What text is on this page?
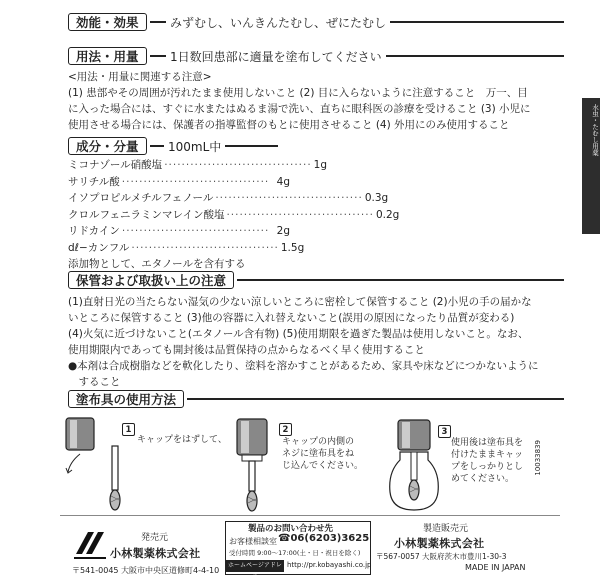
効能・効果	みずむし、いんきんたむし、ぜにたむし
用法・用量	1日数回患部に適量を塗布してください
<用法・用量に関連する注意>
(1) 患部やその周囲が汚れたまま使用しないこと (2) 目に入らないように注意すること　万一、目
に入った場合には、すぐに水またはぬるま湯で洗い、直ちに眼科医の診療を受けること (3) 小児に
使用させる場合には、保護者の指導監督のもとに使用させること (4) 外用にのみ使用すること
成分・分量	100mL中
ミコナゾール硝酸塩 ·································· 1g
サリチル酸 ·································· 4g
イソプロピルメチルフェノール ·································· 0.3g
クロルフェニラミンマレイン酸塩 ·································· 0.2g
リドカイン ·································· 2g
dℓ−カンフル ·································· 1.5g
添加物として、エタノールを含有する
保管および取扱い上の注意
(1)直射日光の当たらない湿気の少ない涼しいところに密栓して保管すること (2)小児の手の届かな
いところに保管すること (3)他の容器に入れ替えないこと(誤用の原因になったり品質が変わる)
(4)火気に近づけないこと(エタノール含有物) (5)使用期限を過ぎた製品は使用しないこと。なお、
使用期限内であっても開封後は品質保持の点からなるべく早く使用すること
●本剤は合成樹脂などを軟化したり、塗料を溶かすことがあるため、家具や床などにつかないように
　すること
塗布具の使用方法
1
キャップをはずして、
2
キャップの内側の
ネジに塗布具をね
じ込んでください。
3
使用後は塗布具を
付けたままキャッ
プをしっかりとし
めてください。
10033839
水虫・たむし用薬
発売元
小林製薬株式会社
〒541-0045 大阪市中央区道修町4-4-10
製品のお問い合わせ先
お客様相談室 ☎06(6203)3625
受付時間 9:00〜17:00(土・日・祝日を除く)
ホームページアドレス
http://pr.kobayashi.co.jp
製造販売元
小林製薬株式会社
〒567-0057 大阪府茨木市豊川1-30-3
MADE IN JAPAN
